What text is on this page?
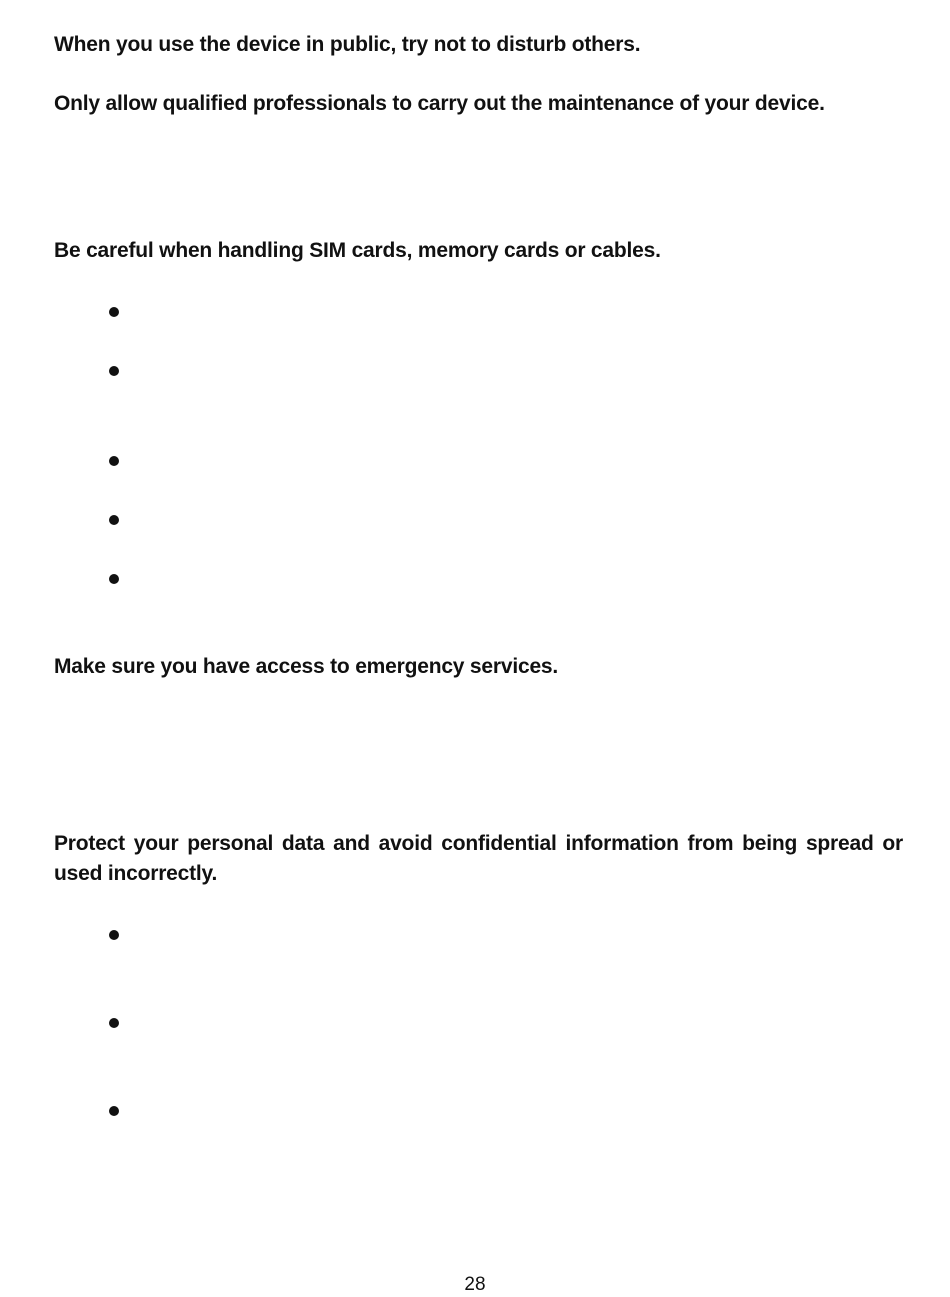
When you use the device in public, try not to disturb others.
Only allow qualified professionals to carry out the maintenance of your device.
Be careful when handling SIM cards, memory cards or cables.
Make sure you have access to emergency services.
Protect your personal data and avoid confidential information from being spread or used incorrectly.
28
